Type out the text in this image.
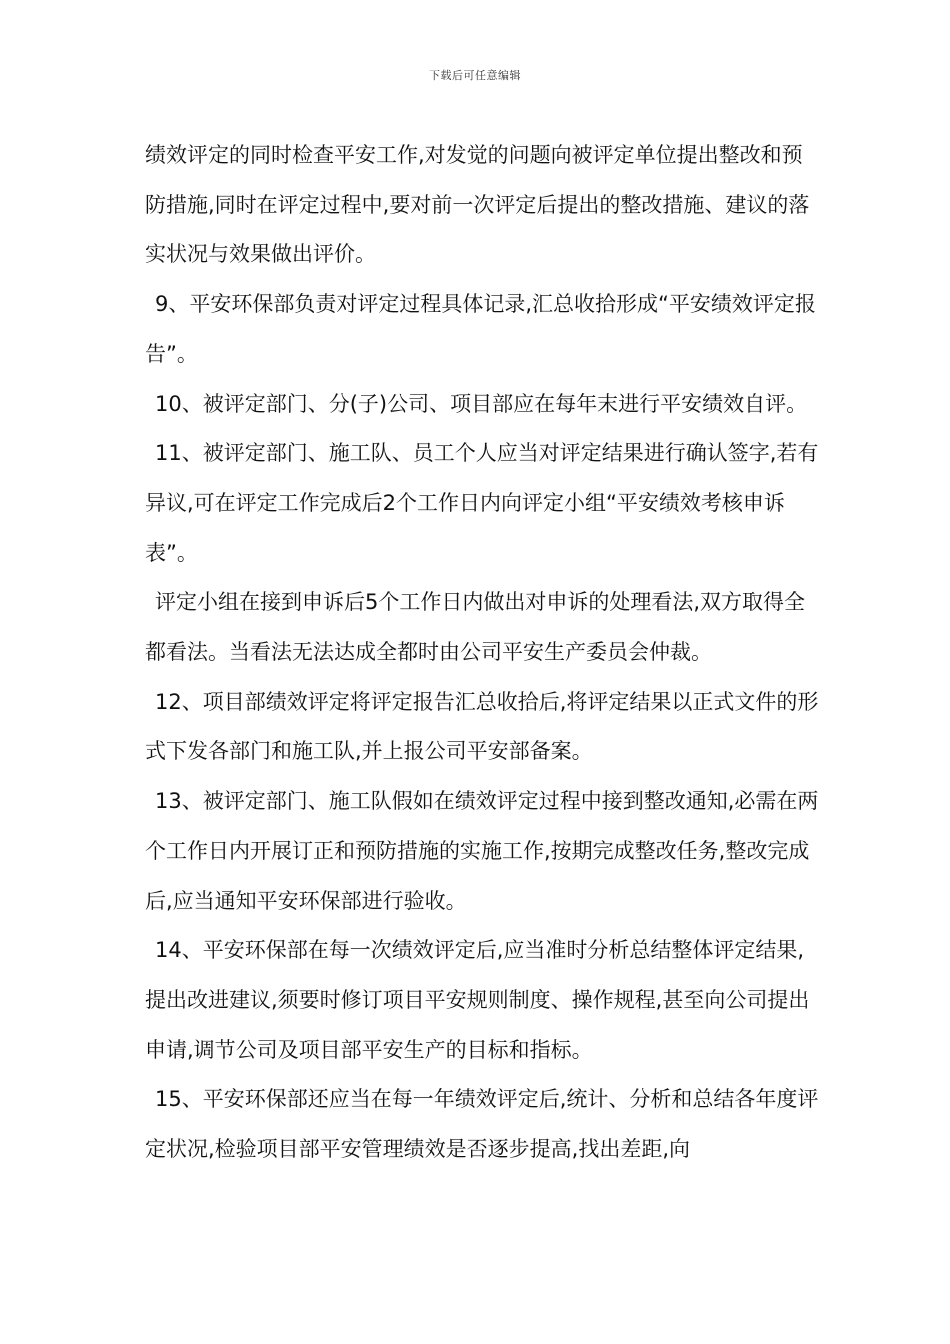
下载后可任意编辑

绩效评定的同时检查平安工作,对发觉的问题向被评定单位提出整改和预防措施,同时在评定过程中,要对前一次评定后提出的整改措施、建议的落实状况与效果做出评价。

9、平安环保部负责对评定过程具体记录,汇总收拾形成“平安绩效评定报告”。

10、被评定部门、分(子)公司、项目部应在每年末进行平安绩效自评。

11、被评定部门、施工队、员工个人应当对评定结果进行确认签字,若有异议,可在评定工作完成后2个工作日内向评定小组“平安绩效考核申诉表”。

评定小组在接到申诉后5个工作日内做出对申诉的处理看法,双方取得全都看法。当看法无法达成全都时由公司平安生产委员会仲裁。

12、项目部绩效评定将评定报告汇总收拾后,将评定结果以正式文件的形式下发各部门和施工队,并上报公司平安部备案。

13、被评定部门、施工队假如在绩效评定过程中接到整改通知,必需在两个工作日内开展订正和预防措施的实施工作,按期完成整改任务,整改完成后,应当通知平安环保部进行验收。

14、平安环保部在每一次绩效评定后,应当准时分析总结整体评定结果,提出改进建议,须要时修订项目平安规则制度、操作规程,甚至向公司提出申请,调节公司及项目部平安生产的目标和指标。

15、平安环保部还应当在每一年绩效评定后,统计、分析和总结各年度评定状况,检验项目部平安管理绩效是否逐步提高,找出差距,向
